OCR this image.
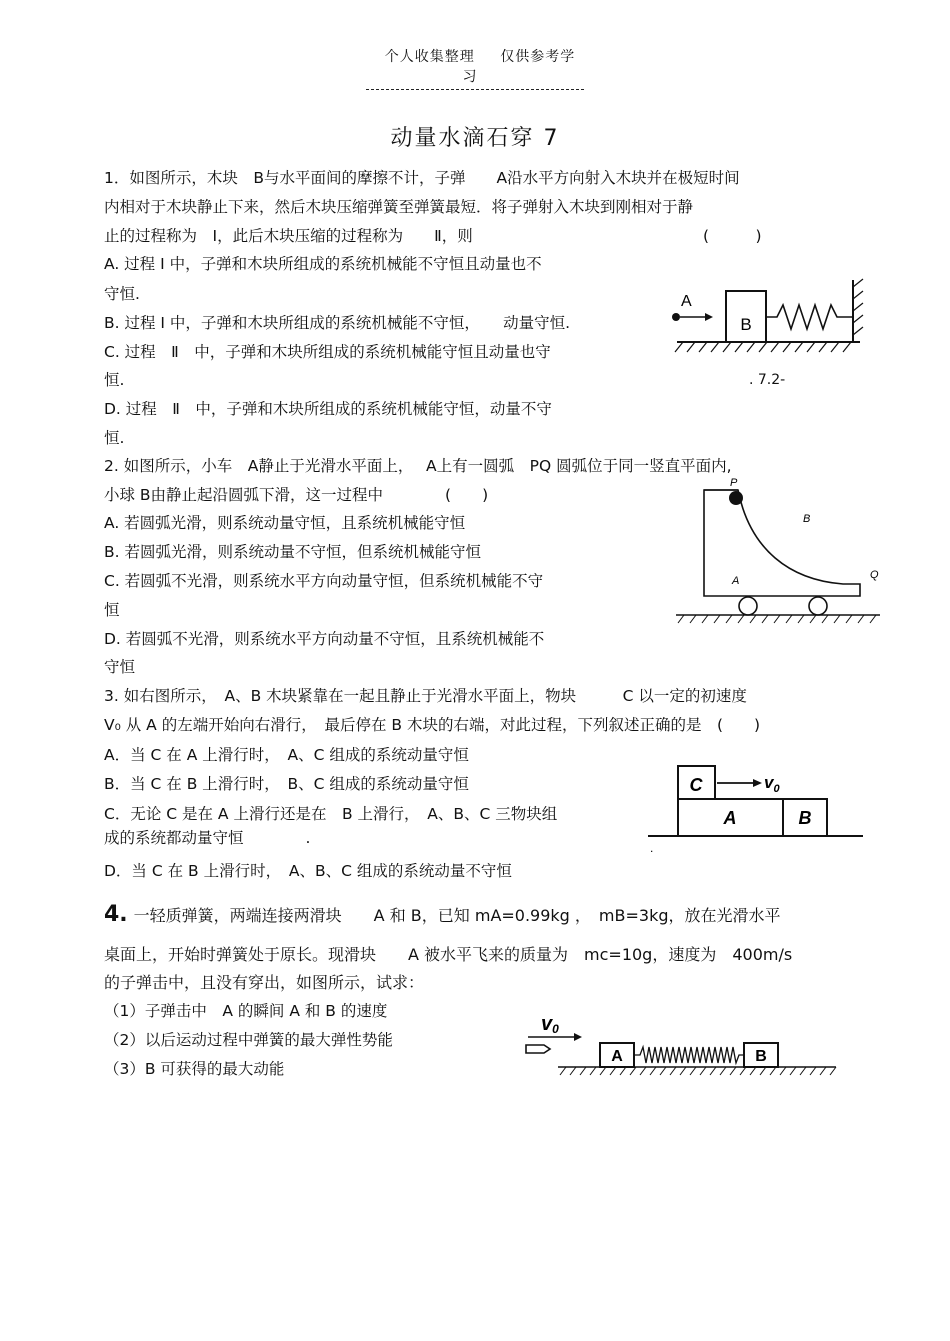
个人收集整理 仅供参考学习
动量水滴石穿 7
1．如图所示，木块　B与水平面间的摩擦不计，子弹　　A沿水平方向射入木块并在极短时间
内相对于木块静止下来，然后木块压缩弹簧至弹簧最短．将子弹射入木块到刚相对于静
止的过程称为　Ⅰ，此后木块压缩的过程称为　　Ⅱ，则	(　　　)
A. 过程 Ⅰ 中，子弹和木块所组成的系统机械能不守恒且动量也不
守恒.
B. 过程 Ⅰ 中，子弹和木块所组成的系统机械能不守恒，　　动量守恒.
C. 过程　Ⅱ　中，子弹和木块所组成的系统机械能守恒且动量也守
恒.
D. 过程　Ⅱ　中，子弹和木块所组成的系统机械能守恒，动量不守
恒.
B
A
. 7.2-
2. 如图所示，小车　A静止于光滑水平面上，　 A上有一圆弧　PQ 圆弧位于同一竖直平面内,
小球 B由静止起沿圆弧下滑，这一过程中　　　　(　　)
A. 若圆弧光滑，则系统动量守恒，且系统机械能守恒
B. 若圆弧光滑，则系统动量不守恒，但系统机械能守恒
C. 若圆弧不光滑，则系统水平方向动量守恒，但系统机械能不守
恒
D. 若圆弧不光滑，则系统水平方向动量不守恒，且系统机械能不
守恒
P
B
Q
A
3. 如右图所示，　A、B 木块紧靠在一起且静止于光滑水平面上，物块　　　C 以一定的初速度
V₀ 从 A 的左端开始向右滑行，　最后停在 B 木块的右端，对此过程，下列叙述正确的是　(　　)
A．当 C 在 A 上滑行时，　A、C 组成的系统动量守恒
B．当 C 在 B 上滑行时，　B、C 组成的系统动量守恒
C．无论 C 是在 A 上滑行还是在　B 上滑行，　A、B、C 三物块组
成的系统都动量守恒　　　　.
D．当 C 在 B 上滑行时，　A、B、C 组成的系统动量不守恒
C	$v_0$
A	B
.
4. 一轻质弹簧，两端连接两滑块　　A 和 B，已知 mA=0.99kg ，　mB=3kg，放在光滑水平
桌面上，开始时弹簧处于原长。现滑块　　A 被水平飞来的质量为　mc=10g，速度为　400m/s
的子弹击中，且没有穿出，如图所示，试求：
（1）子弹击中　A 的瞬间 A 和 B 的速度
（2）以后运动过程中弹簧的最大弹性势能
（3）B 可获得的最大动能
v0
A	B
